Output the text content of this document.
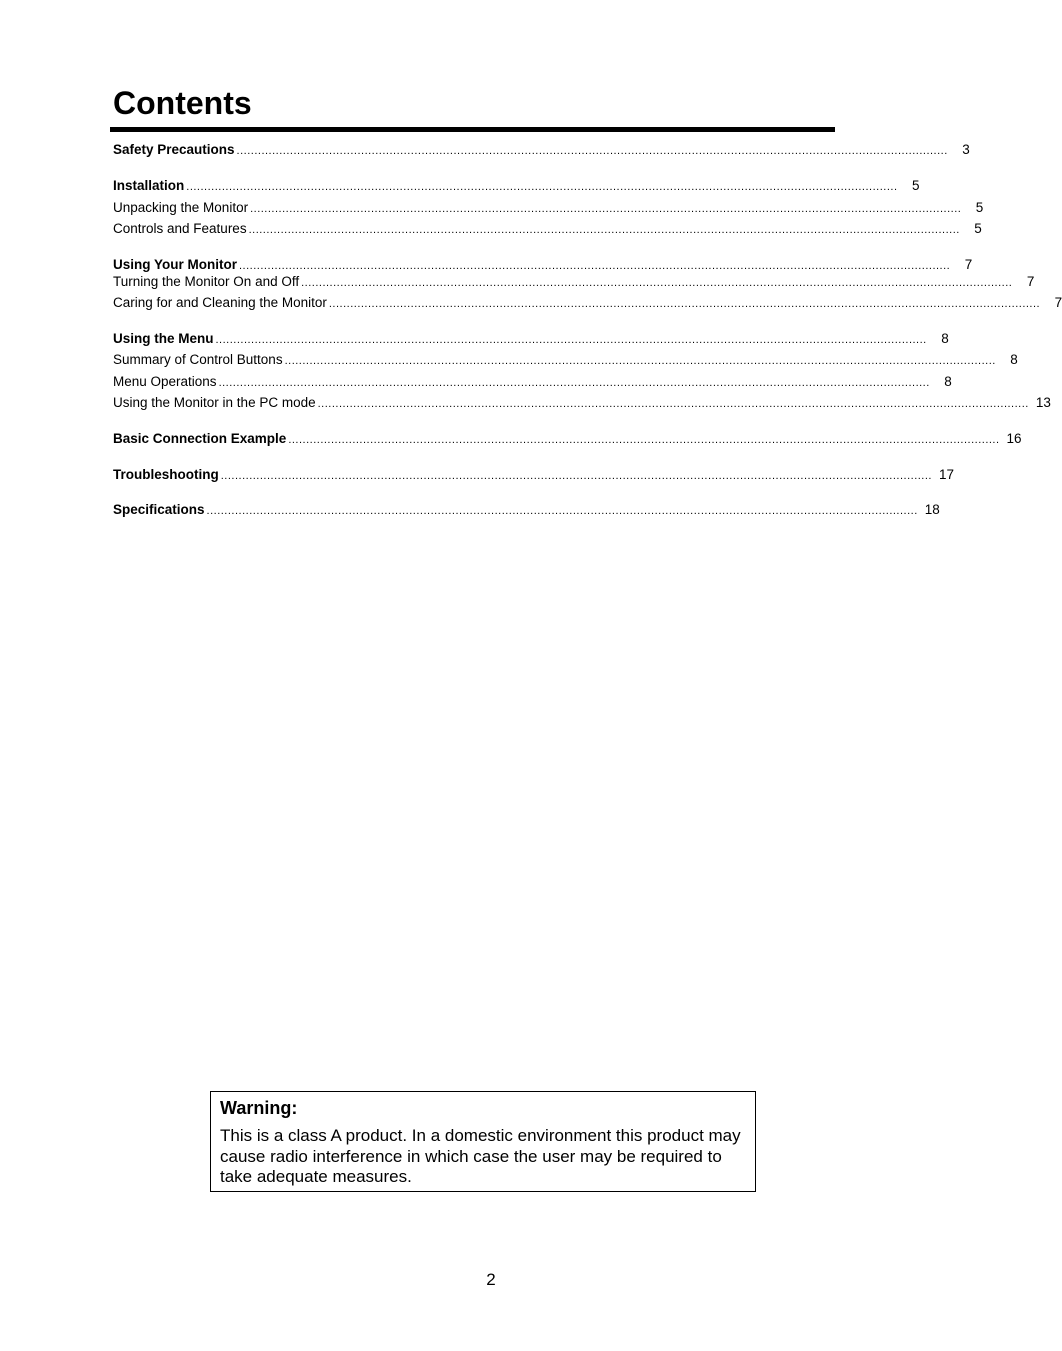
Contents
Safety Precautions ........................................................................................................................................................................................................	3
Installation ........................................................................................................................................................................................................	5
Unpacking the Monitor ........................................................................................................................................................................................................	5
Controls and Features ........................................................................................................................................................................................................	5
Using Your Monitor ........................................................................................................................................................................................................	7
Turning the Monitor On and Off ........................................................................................................................................................................................................	7
Caring for and Cleaning the Monitor ........................................................................................................................................................................................................	7
Using the Menu ........................................................................................................................................................................................................	8
Summary of Control Buttons ........................................................................................................................................................................................................	8
Menu Operations ........................................................................................................................................................................................................	8
Using the Monitor in the PC mode ........................................................................................................................................................................................................ 13
Basic Connection Example ........................................................................................................................................................................................................ 16
Troubleshooting ........................................................................................................................................................................................................ 17
Specifications ........................................................................................................................................................................................................ 18

Warning:

This is a class A product. In a domestic environment this product may cause radio interference in which case the user may be required to take adequate measures.

2
